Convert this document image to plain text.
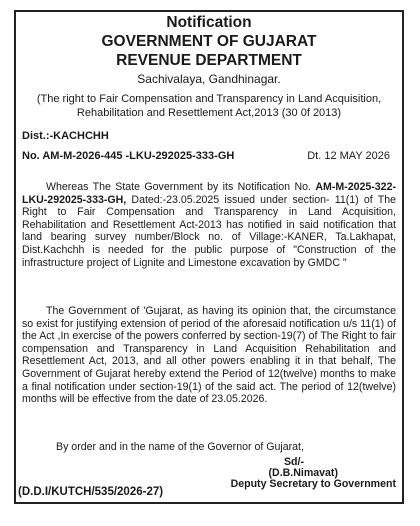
Notification
GOVERNMENT OF GUJARAT
REVENUE DEPARTMENT
Sachivalaya, Gandhinagar.
(The right to Fair Compensation and Transparency in Land Acquisition, Rehabilitation and Resettlement Act,2013 (30 0f 2013)
Dist.:-KACHCHH
No. AM-M-2026-445 -LKU-292025-333-GH	Dt. 12 MAY 2026

Whereas The State Government by its Notification No. AM-M-2025-322- LKU-292025-333-GH, Dated:-23.05.2025 issued under section- 11(1) of The Right to Fair Compensation and Transparency in Land Acquisition, Rehabilitation and Resettlement Act-2013 has notified in said notification that land bearing survey number/Block no. of Village:-KANER, Ta.Lakhapat, Dist.Kachchh is needed for the public purpose of "Construction of the infrastructure project of Lignite and Limestone excavation by GMDC "

The Government of 'Gujarat, as having its opinion that, the circumstance so exist for justifying extension of period of the aforesaid notification u/s 11(1) of the Act ,In exercise of the powers conferred by section-19(7) of The Right to fair compensation and Transparency in Land Acquisition Rehabilitation and Resettlement Act, 2013, and all other powers enabling it in that behalf, The Government of Gujarat hereby extend the Period of 12(twelve) months to make a final notification under section-19(1) of the said act. The period of 12(twelve) months will be effective from the date of 23.05.2026.

By order and in the name of the Governor of Gujarat,
Sd/-
(D.B.Nimavat)
Deputy Secretary to Government
(D.D.I/KUTCH/535/2026-27)
